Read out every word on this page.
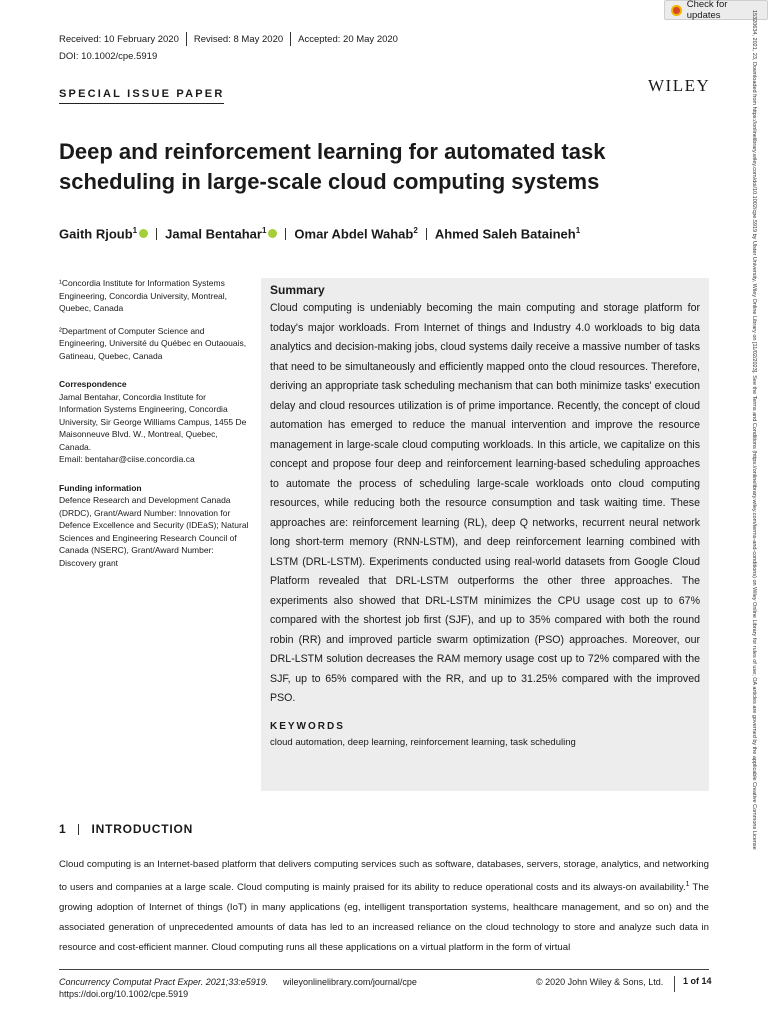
Check for updates
Received: 10 February 2020 Revised: 8 May 2020 Accepted: 20 May 2020
DOI: 10.1002/cpe.5919
SPECIAL ISSUE PAPER	WILEY
Deep and reinforcement learning for automated task scheduling in large-scale cloud computing systems
Gaith Rjoub$^1$ Jamal Bentahar$^1$ Omar Abdel Wahab$^2$ Ahmed Saleh Bataineh$^1$

¹Concordia Institute for Information Systems Engineering, Concordia University, Montreal, Quebec, Canada

²Department of Computer Science and Engineering, Université du Québec en Outaouais, Gatineau, Quebec, Canada

Correspondence

Jamal Bentahar, Concordia Institute for Information Systems Engineering, Concordia University, Sir George Williams Campus, 1455 De Maisonneuve Blvd. W., Montreal, Quebec, Canada.

Email: bentahar@ciise.concordia.ca

Funding information

Defence Research and Development Canada (DRDC), Grant/Award Number: Innovation for Defence Excellence and Security (IDEaS); Natural Sciences and Engineering Research Council of Canada (NSERC), Grant/Award Number: Discovery grant

Summary
Cloud computing is undeniably becoming the main computing and storage platform for today's major workloads. From Internet of things and Industry 4.0 workloads to big data analytics and decision-making jobs, cloud systems daily receive a massive number of tasks that need to be simultaneously and efficiently mapped onto the cloud resources. Therefore, deriving an appropriate task scheduling mechanism that can both minimize tasks' execution delay and cloud resources utilization is of prime importance. Recently, the concept of cloud automation has emerged to reduce the manual intervention and improve the resource management in large-scale cloud computing workloads. In this article, we capitalize on this concept and propose four deep and reinforcement learning-based scheduling approaches to automate the process of scheduling large-scale workloads onto cloud computing resources, while reducing both the resource consumption and task waiting time. These approaches are: reinforcement learning (RL), deep Q networks, recurrent neural network long short-term memory (RNN-LSTM), and deep reinforcement learning combined with LSTM (DRL-LSTM). Experiments conducted using real-world datasets from Google Cloud Platform revealed that DRL-LSTM outperforms the other three approaches. The experiments also showed that DRL-LSTM minimizes the CPU usage cost up to 67% compared with the shortest job first (SJF), and up to 35% compared with both the round robin (RR) and improved particle swarm optimization (PSO) approaches. Moreover, our DRL-LSTM solution decreases the RAM memory usage cost up to 72% compared with the SJF, up to 65% compared with the RR, and up to 31.25% compared with the improved PSO.
KEYWORDS
cloud automation, deep learning, reinforcement learning, task scheduling
1 INTRODUCTION
Cloud computing is an Internet-based platform that delivers computing services such as software, databases, servers, storage, analytics, and networking to users and companies at a large scale. Cloud computing is mainly praised for its ability to reduce operational costs and its always-on availability.$^1$ The growing adoption of Internet of things (IoT) in many applications (eg, intelligent transportation systems, healthcare management, and so on) and the associated generation of unprecedented amounts of data has led to an increased reliance on the cloud technology to store and analyze such data in resource and cost-efficient manner. Cloud computing runs all these applications on a virtual platform in the form of virtual
Concurrency Computat Pract Exper. 2021;33:e5919.
https://doi.org/10.1002/cpe.5919
wileyonlinelibrary.com/journal/cpe	© 2020 John Wiley & Sons, Ltd.	1 of 14
15320634, 2021, 23, Downloaded from https://onlinelibrary.wiley.com/doi/10.1002/cpe.5919 by Ulster University, Wiley Online Library on [11/02/2023]. See the Terms and Conditions (https://onlinelibrary.wiley.com/terms-and-conditions) on Wiley Online Library for rules of use; OA articles are governed by the applicable Creative Commons License
